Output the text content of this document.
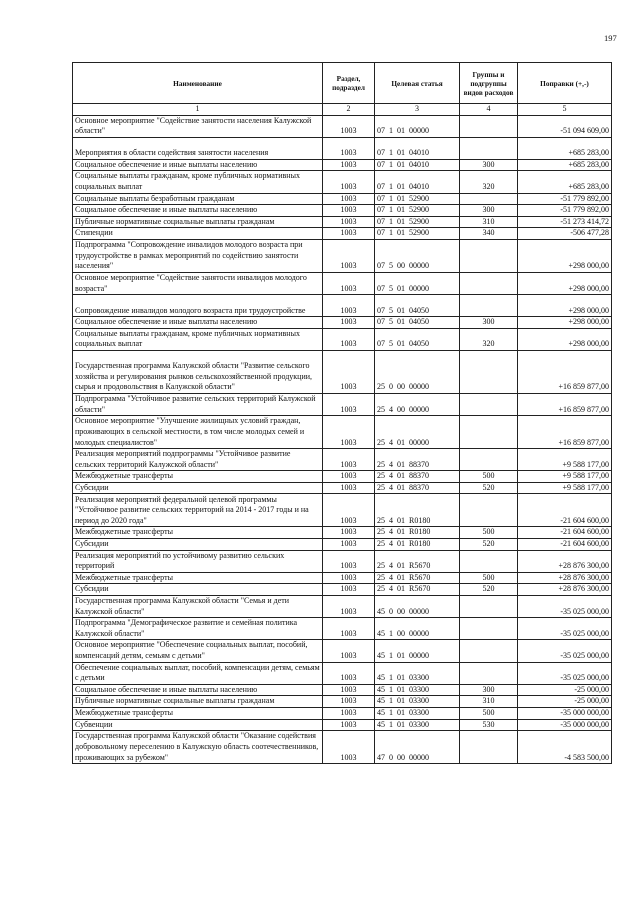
197
Наименование	Раздел, подраздел	Целевая статья	Группы и подгруппы видов расходов	Поправки (+,-)
1	2	3	4	5
Основное мероприятие "Содействие занятости населения Калужской области"	1003	07  1  01  00000		-51 094 609,00
Мероприятия в области содействия занятости населения	1003	07  1  01  04010		+685 283,00
Социальное обеспечение и иные выплаты населению	1003	07  1  01  04010	300	+685 283,00
Социальные выплаты гражданам, кроме публичных нормативных социальных выплат	1003	07  1  01  04010	320	+685 283,00
Социальные выплаты безработным гражданам	1003	07  1  01  52900		-51 779 892,00
Социальное обеспечение и иные выплаты населению	1003	07  1  01  52900	300	-51 779 892,00
Публичные нормативные социальные выплаты гражданам	1003	07  1  01  52900	310	-51 273 414,72
Стипендии	1003	07  1  01  52900	340	-506 477,28
Подпрограмма "Сопровождение инвалидов молодого возраста при трудоустройстве в рамках мероприятий по содействию занятости населения"	1003	07  5  00  00000		+298 000,00
Основное мероприятие "Содействие занятости инвалидов молодого возраста"	1003	07  5  01  00000		+298 000,00
Сопровождение инвалидов молодого возраста при трудоустройстве	1003	07  5  01  04050		+298 000,00
Социальное обеспечение и иные выплаты населению	1003	07  5  01  04050	300	+298 000,00
Социальные выплаты гражданам, кроме публичных нормативных социальных выплат	1003	07  5  01  04050	320	+298 000,00
Государственная программа Калужской области "Развитие сельского хозяйства и регулирования рынков сельскохозяйственной продукции, сырья и продовольствия в Калужской области"	1003	25  0  00  00000		+16 859 877,00
Подпрограмма "Устойчивое развитие сельских территорий Калужской области"	1003	25  4  00  00000		+16 859 877,00
Основное мероприятие "Улучшение жилищных условий граждан, проживающих в сельской местности, в том числе молодых семей и молодых специалистов"	1003	25  4  01  00000		+16 859 877,00
Реализация мероприятий подпрограммы "Устойчивое развитие сельских территорий Калужской области"	1003	25  4  01  88370		+9 588 177,00
Межбюджетные трансферты	1003	25  4  01  88370	500	+9 588 177,00
Субсидии	1003	25  4  01  88370	520	+9 588 177,00
Реализация мероприятий федеральной целевой программы "Устойчивое развитие сельских территорий на 2014 - 2017 годы и на период до 2020 года"	1003	25  4  01  R0180		-21 604 600,00
Межбюджетные трансферты	1003	25  4  01  R0180	500	-21 604 600,00
Субсидии	1003	25  4  01  R0180	520	-21 604 600,00
Реализация мероприятий по устойчивому развитию сельских территорий	1003	25  4  01  R5670		+28 876 300,00
Межбюджетные трансферты	1003	25  4  01  R5670	500	+28 876 300,00
Субсидии	1003	25  4  01  R5670	520	+28 876 300,00
Государственная программа Калужской области "Семья и дети Калужской области"	1003	45  0  00  00000		-35 025 000,00
Подпрограмма "Демографическое развитие и семейная политика Калужской области"	1003	45  1  00  00000		-35 025 000,00
Основное мероприятие "Обеспечение социальных выплат, пособий, компенсаций детям, семьям с детьми"	1003	45  1  01  00000		-35 025 000,00
Обеспечение социальных выплат, пособий, компенсации детям, семьям с детьми	1003	45  1  01  03300		-35 025 000,00
Социальное обеспечение и иные выплаты населению	1003	45  1  01  03300	300	-25 000,00
Публичные нормативные социальные выплаты гражданам	1003	45  1  01  03300	310	-25 000,00
Межбюджетные трансферты	1003	45  1  01  03300	500	-35 000 000,00
Субвенции	1003	45  1  01  03300	530	-35 000 000,00
Государственная программа Калужской области "Оказание содействия добровольному переселению в Калужскую область соотечественников, проживающих за рубежом"	1003	47  0  00  00000		-4 583 500,00
